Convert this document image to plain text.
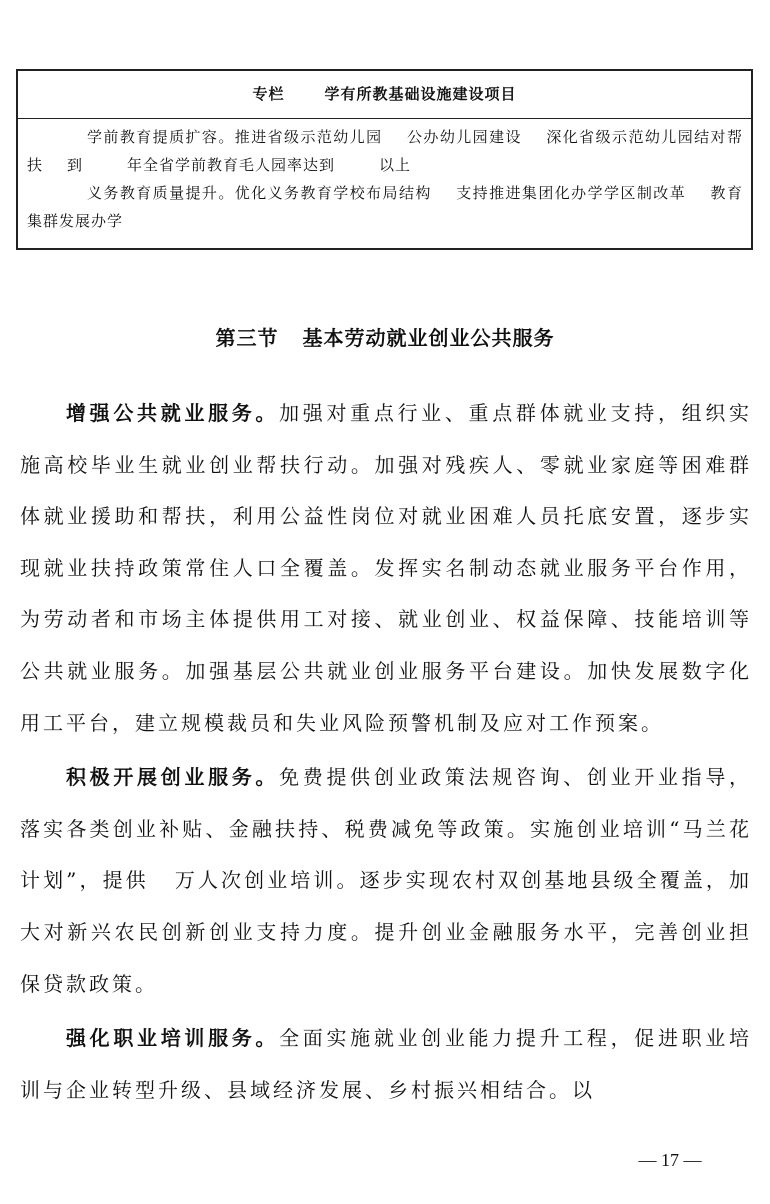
专栏	学有所教基础设施建设项目

学前教育提质扩容。推进省级示范幼儿园 公办幼儿园建设 深化省级示范幼儿园结对帮扶 到	年全省学前教育毛人园率达到	以上

义务教育质量提升。优化义务教育学校布局结构 支持推进集团化办学学区制改革 教育集群发展办学

第三节 基本劳动就业创业公共服务

增强公共就业服务。加强对重点行业、重点群体就业支持，组织实施高校毕业生就业创业帮扶行动。加强对残疾人、零就业家庭等困难群体就业援助和帮扶，利用公益性岗位对就业困难人员托底安置，逐步实现就业扶持政策常住人口全覆盖。发挥实名制动态就业服务平台作用，为劳动者和市场主体提供用工对接、就业创业、权益保障、技能培训等公共就业服务。加强基层公共就业创业服务平台建设。加快发展数字化用工平台，建立规模裁员和失业风险预警机制及应对工作预案。

积极开展创业服务。免费提供创业政策法规咨询、创业开业指导，落实各类创业补贴、金融扶持、税费减免等政策。实施创业培训“马兰花计划”，提供 万人次创业培训。逐步实现农村双创基地县级全覆盖，加大对新兴农民创新创业支持力度。提升创业金融服务水平，完善创业担保贷款政策。

强化职业培训服务。全面实施就业创业能力提升工程，促进职业培训与企业转型升级、县域经济发展、乡村振兴相结合。以

— 17 —
